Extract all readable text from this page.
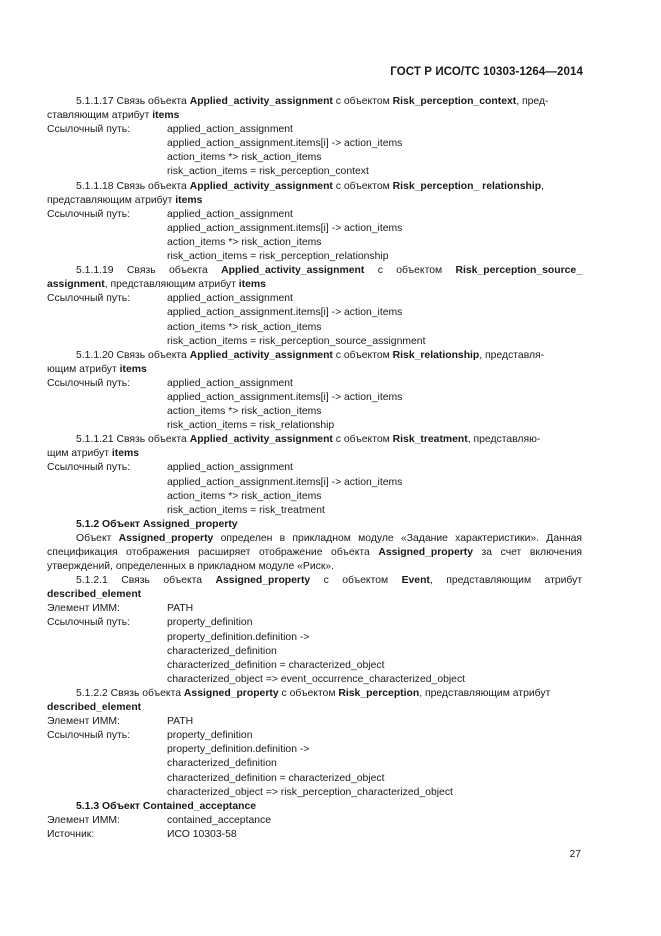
ГОСТ Р ИСО/ТС 10303-1264—2014
5.1.1.17 Связь объекта Applied_activity_assignment с объектом Risk_perception_context, пред-
ставляющим атрибут items
Ссылочный путь:	applied_action_assignment
applied_action_assignment.items[i] -> action_items
action_items *> risk_action_items
risk_action_items = risk_perception_context
5.1.1.18 Связь объекта Applied_activity_assignment с объектом Risk_perception_ relationship,
представляющим атрибут items
Ссылочный путь:	applied_action_assignment
applied_action_assignment.items[i] -> action_items
action_items *> risk_action_items
risk_action_items = risk_perception_relationship
5.1.1.19 Связь объекта Applied_activity_assignment с объектом Risk_perception_source_
assignment, представляющим атрибут items
Ссылочный путь:	applied_action_assignment
applied_action_assignment.items[i] -> action_items
action_items *> risk_action_items
risk_action_items = risk_perception_source_assignment
5.1.1.20 Связь объекта Applied_activity_assignment с объектом Risk_relationship, представля-
ющим атрибут items
Ссылочный путь:	applied_action_assignment
applied_action_assignment.items[i] -> action_items
action_items *> risk_action_items
risk_action_items = risk_relationship
5.1.1.21 Связь объекта Applied_activity_assignment с объектом Risk_treatment, представляю-
щим атрибут items
Ссылочный путь:	applied_action_assignment
applied_action_assignment.items[i] -> action_items
action_items *> risk_action_items
risk_action_items = risk_treatment
5.1.2 Объект Assigned_property
Объект Assigned_property определен в прикладном модуле «Задание характеристики». Данная спецификация отображения расширяет отображение объекта Assigned_property за счет включения утверждений, определенных в прикладном модуле «Риск».
5.1.2.1 Связь объекта Assigned_property с объектом Event, представляющим атрибут
described_element
Элемент ИММ:	PATH
Ссылочный путь:	property_definition
property_definition.definition ->
characterized_definition
characterized_definition = characterized_object
characterized_object => event_occurrence_characterized_object
5.1.2.2 Связь объекта Assigned_property с объектом Risk_perception, представляющим атрибут
described_element
Элемент ИММ:	PATH
Ссылочный путь:	property_definition
property_definition.definition ->
characterized_definition
characterized_definition = characterized_object
characterized_object => risk_perception_characterized_object
5.1.3 Объект Contained_acceptance
Элемент ИММ:	contained_acceptance
Источник:	ИСО 10303-58
27
